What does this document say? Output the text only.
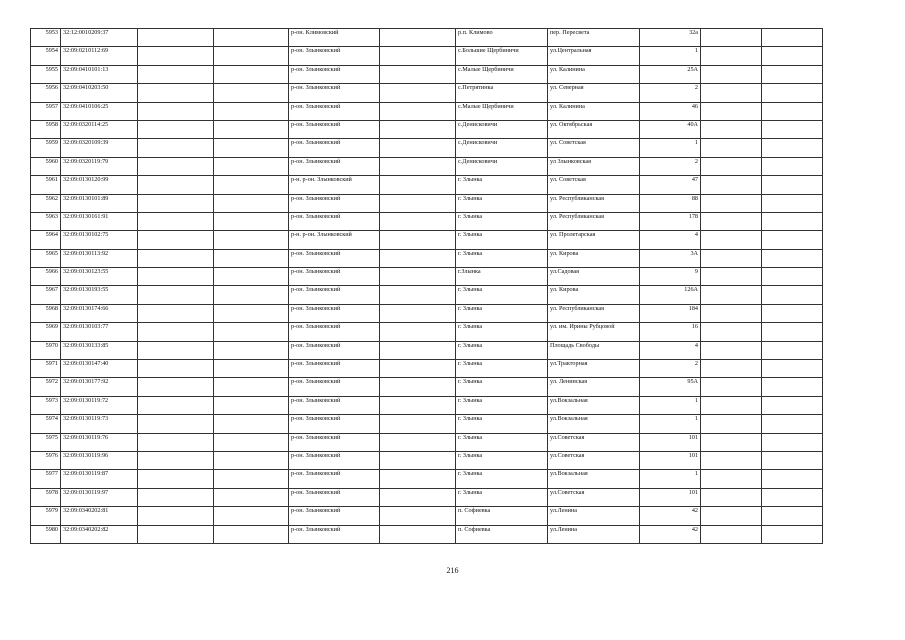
5953	32:12:0010209:37			р-он. Климовский		р.п. Климово	пер. Пересвета	32а		
5954	32:09:0210112:69			р-он. Злынковский		с.Большие Щербиничи	ул.Центральная	1		
5955	32:09:0410101:13			р-он. Злынковский		с.Малые Щербиничи	ул. Калинина	25А		
5956	32:09:0410203:50			р-он. Злынковский		с.Петрятинка	ул. Северная	2		
5957	32:09:0410106:25			р-он. Злынковский		с.Малые Щербиничи	ул. Калинина	46		
5958	32:09:0320114:25			р-он. Злынковский		с.Денисковичи	ул. Октябрьская	40А		
5959	32:09:0320109:39			р-он. Злынковский		с.Денисковичи	ул. Советская	1		
5960	32:09:0320119:79			р-он. Злынковский		с.Денисковичи	ул Злынковская	2		
5961	32:09:0130120:99			р-н. р-он. Злынковский		г. Злынка	ул. Советская	47		
5962	32:09:0130101:89			р-он. Злынковский		г. Злынка	ул. Республиканская	88		
5963	32:09:0130161:91			р-он. Злынковский		г. Злынка	ул. Республиканская	178		
5964	32:09:0130102:75			р-н. р-он. Злынковский		г. Злынка	ул. Пролетарская	4		
5965	32:09:0130113:92			р-он. Злынковский		г. Злынка	ул. Кирова	3А		
5966	32:09:0130123:55			р-он. Злынковский		г.Злынка	ул.Садовая	9		
5967	32:09:0130193:55			р-он. Злынковский		г. Злынка	ул. Кирова	126А		
5968	32:09:0130174:66			р-он. Злынковский		г. Злынка	ул. Республиканская	184		
5969	32:09:0130103:77			р-он. Злынковский		г. Злынка	ул. им. Ирины Рубцовой	16		
5970	32:09:0130133:85			р-он. Злынковский		г. Злынка	Площадь Свободы	4		
5971	32:09:0130147:40			р-он. Злынковский		г. Злынка	ул.Тракторная	2		
5972	32:09:0130177:92			р-он. Злынковский		г. Злынка	ул. Ленинская	95А		
5973	32:09:0130119:72			р-он. Злынковский		г. Злынка	ул.Вокзальная	1		
5974	32:09:0130119:73			р-он. Злынковский		г. Злынка	ул.Вокзальная	1		
5975	32:09:0130119:76			р-он. Злынковский		г. Злынка	ул.Советская	101		
5976	32:09:0130119:96			р-он. Злынковский		г. Злынка	ул.Советская	101		
5977	32:09:0130119:87			р-он. Злынковский		г. Злынка	ул.Вокзальная	1		
5978	32:09:0130119:97			р-он. Злынковский		г. Злынка	ул.Советская	101		
5979	32:09:0340202:81			р-он. Злынковский		п. Софиевка	ул.Ленина	42		
5980	32:09:0340202:82			р-он. Злынковский		п. Софиевка	ул.Ленина	42		
216
